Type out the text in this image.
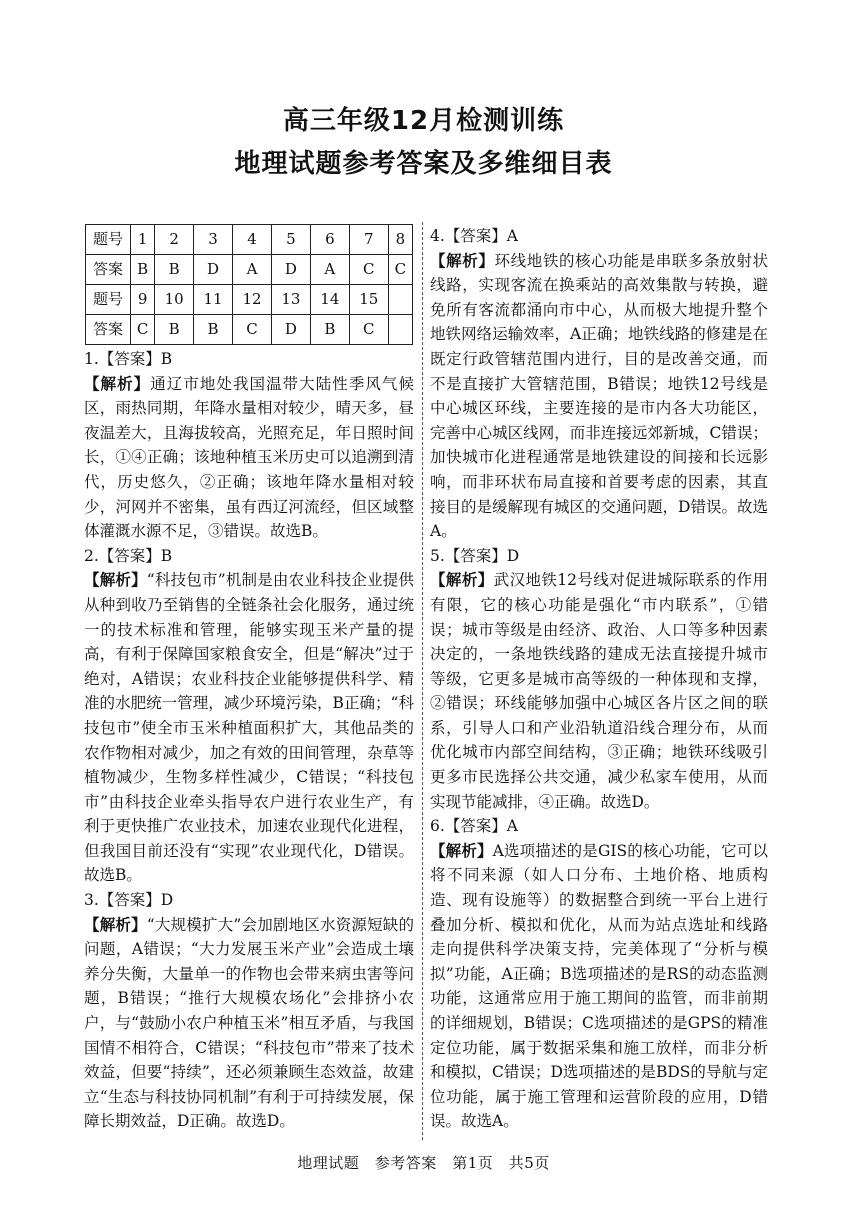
高三年级12月检测训练
地理试题参考答案及多维细目表
题号	1	2	3	4	5	6	7	8
答案	B	B	D	A	D	A	C	C
题号	9	10	11	12	13	14	15	
答案	C	B	B	C	D	B	C	
1.【答案】B
【解析】通辽市地处我国温带大陆性季风气候区，雨热同期，年降水量相对较少，晴天多，昼夜温差大，且海拔较高，光照充足，年日照时间长，①④正确；该地种植玉米历史可以追溯到清代，历史悠久，②正确；该地年降水量相对较少，河网并不密集，虽有西辽河流经，但区域整体灌溉水源不足，③错误。故选B。
2.【答案】B
【解析】“科技包市”机制是由农业科技企业提供从种到收乃至销售的全链条社会化服务，通过统一的技术标准和管理，能够实现玉米产量的提高，有利于保障国家粮食安全，但是“解决”过于绝对，A错误；农业科技企业能够提供科学、精准的水肥统一管理，减少环境污染，B正确；“科技包市”使全市玉米种植面积扩大，其他品类的农作物相对减少，加之有效的田间管理，杂草等植物减少，生物多样性减少，C错误；“科技包市”由科技企业牵头指导农户进行农业生产，有利于更快推广农业技术，加速农业现代化进程，但我国目前还没有“实现”农业现代化，D错误。故选B。
3.【答案】D
【解析】“大规模扩大”会加剧地区水资源短缺的问题，A错误；“大力发展玉米产业”会造成土壤养分失衡，大量单一的作物也会带来病虫害等问题，B错误；“推行大规模农场化”会排挤小农户，与“鼓励小农户种植玉米”相互矛盾，与我国国情不相符合，C错误；“科技包市”带来了技术效益，但要“持续”，还必须兼顾生态效益，故建立“生态与科技协同机制”有利于可持续发展，保障长期效益，D正确。故选D。
4.【答案】A
【解析】环线地铁的核心功能是串联多条放射状线路，实现客流在换乘站的高效集散与转换，避免所有客流都涌向市中心，从而极大地提升整个地铁网络运输效率，A正确；地铁线路的修建是在既定行政管辖范围内进行，目的是改善交通，而不是直接扩大管辖范围，B错误；地铁12号线是中心城区环线，主要连接的是市内各大功能区，完善中心城区线网，而非连接远郊新城，C错误；加快城市化进程通常是地铁建设的间接和长远影响，而非环状布局直接和首要考虑的因素，其直接目的是缓解现有城区的交通问题，D错误。故选A。
5.【答案】D
【解析】武汉地铁12号线对促进城际联系的作用有限，它的核心功能是强化“市内联系”，①错误；城市等级是由经济、政治、人口等多种因素决定的，一条地铁线路的建成无法直接提升城市等级，它更多是城市高等级的一种体现和支撑，②错误；环线能够加强中心城区各片区之间的联系，引导人口和产业沿轨道沿线合理分布，从而优化城市内部空间结构，③正确；地铁环线吸引更多市民选择公共交通，减少私家车使用，从而实现节能减排，④正确。故选D。
6.【答案】A
【解析】A选项描述的是GIS的核心功能，它可以将不同来源（如人口分布、土地价格、地质构造、现有设施等）的数据整合到统一平台上进行叠加分析、模拟和优化，从而为站点选址和线路走向提供科学决策支持，完美体现了“分析与模拟”功能，A正确；B选项描述的是RS的动态监测功能，这通常应用于施工期间的监管，而非前期的详细规划，B错误；C选项描述的是GPS的精准定位功能，属于数据采集和施工放样，而非分析和模拟，C错误；D选项描述的是BDS的导航与定位功能，属于施工管理和运营阶段的应用，D错误。故选A。
地理试题　参考答案　第1页　共5页
